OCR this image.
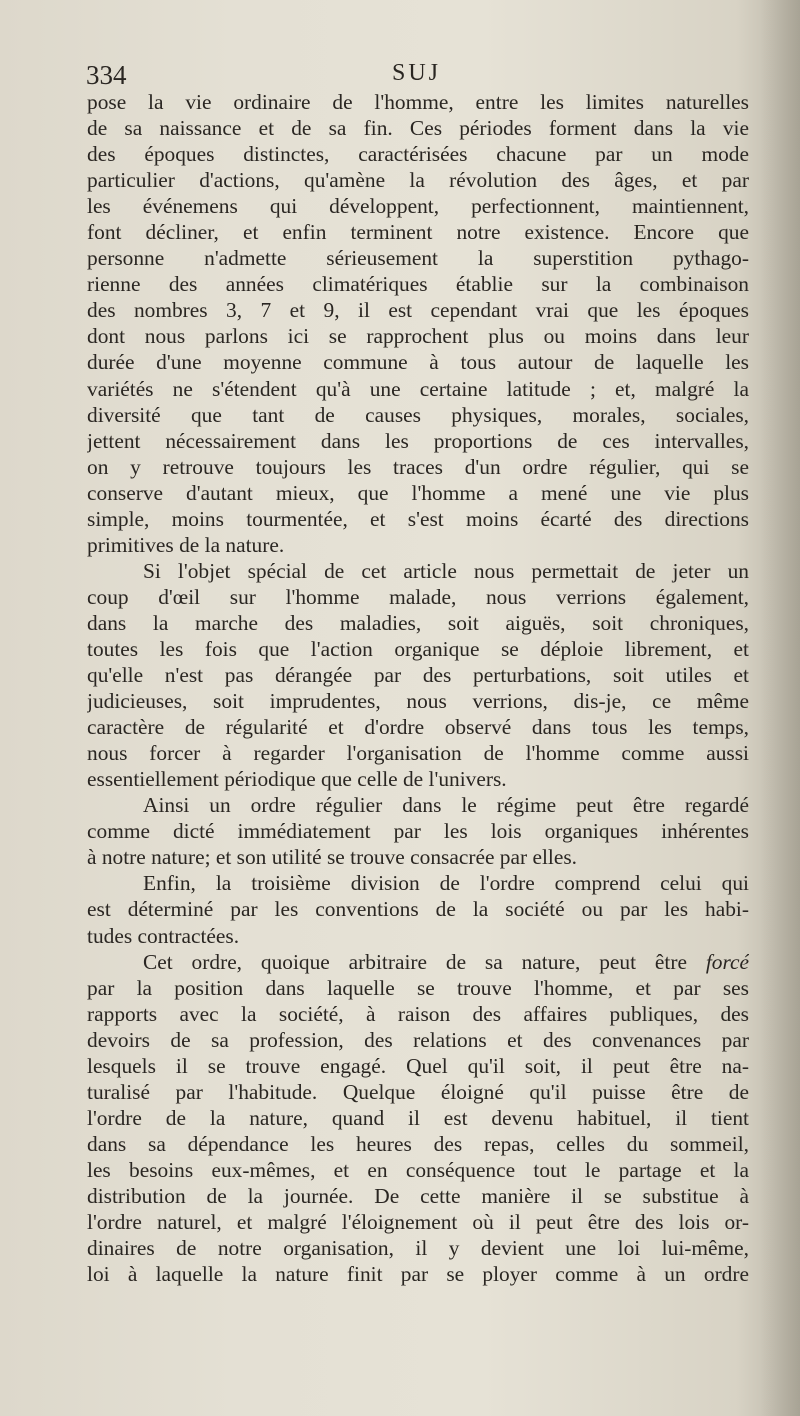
334	SUJ
pose la vie ordinaire de l'homme, entre les limites naturelles
de sa naissance et de sa fin. Ces périodes forment dans la vie
des époques distinctes, caractérisées chacune par un mode
particulier d'actions, qu'amène la révolution des âges, et par
les événemens qui développent, perfectionnent, maintiennent,
font décliner, et enfin terminent notre existence. Encore que
personne n'admette sérieusement la superstition pythago-
rienne des années climatériques établie sur la combinaison
des nombres 3, 7 et 9, il est cependant vrai que les époques
dont nous parlons ici se rapprochent plus ou moins dans leur
durée d'une moyenne commune à tous autour de laquelle les
variétés ne s'étendent qu'à une certaine latitude ; et, malgré la
diversité que tant de causes physiques, morales, sociales,
jettent nécessairement dans les proportions de ces intervalles,
on y retrouve toujours les traces d'un ordre régulier, qui se
conserve d'autant mieux, que l'homme a mené une vie plus
simple, moins tourmentée, et s'est moins écarté des directions
primitives de la nature.
Si l'objet spécial de cet article nous permettait de jeter un
coup d'œil sur l'homme malade, nous verrions également,
dans la marche des maladies, soit aiguës, soit chroniques,
toutes les fois que l'action organique se déploie librement, et
qu'elle n'est pas dérangée par des perturbations, soit utiles et
judicieuses, soit imprudentes, nous verrions, dis-je, ce même
caractère de régularité et d'ordre observé dans tous les temps,
nous forcer à regarder l'organisation de l'homme comme aussi
essentiellement périodique que celle de l'univers.
Ainsi un ordre régulier dans le régime peut être regardé
comme dicté immédiatement par les lois organiques inhérentes
à notre nature; et son utilité se trouve consacrée par elles.
Enfin, la troisième division de l'ordre comprend celui qui
est déterminé par les conventions de la société ou par les habi-
tudes contractées.
Cet ordre, quoique arbitraire de sa nature, peut être forcé
par la position dans laquelle se trouve l'homme, et par ses
rapports avec la société, à raison des affaires publiques, des
devoirs de sa profession, des relations et des convenances par
lesquels il se trouve engagé. Quel qu'il soit, il peut être na-
turalisé par l'habitude. Quelque éloigné qu'il puisse être de
l'ordre de la nature, quand il est devenu habituel, il tient
dans sa dépendance les heures des repas, celles du sommeil,
les besoins eux-mêmes, et en conséquence tout le partage et la
distribution de la journée. De cette manière il se substitue à
l'ordre naturel, et malgré l'éloignement où il peut être des lois or-
dinaires de notre organisation, il y devient une loi lui-même,
loi à laquelle la nature finit par se ployer comme à un ordre
